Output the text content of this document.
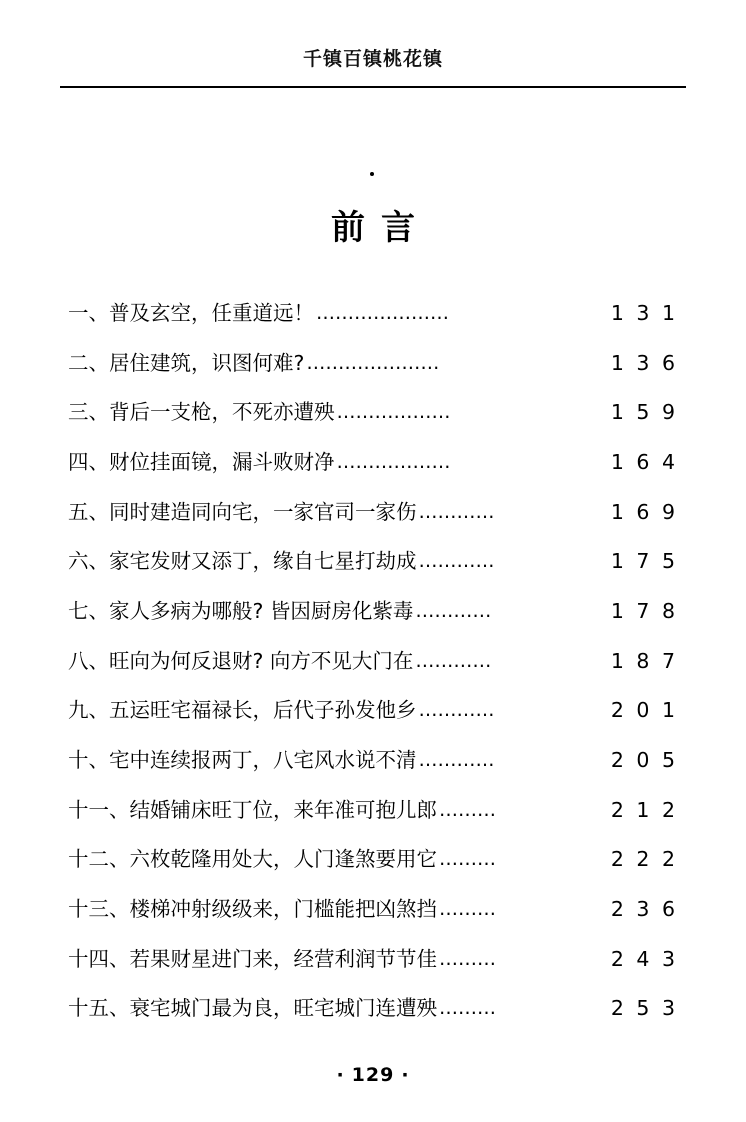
千镇百镇桃花镇
前言
一、普及玄空，任重道远！ …………………	1 3 1
二、居住建筑，识图何难? …………………	1 3 6
三、背后一支枪，不死亦遭殃 ………………	1 5 9
四、财位挂面镜，漏斗败财净 ………………	1 6 4
五、同时建造同向宅，一家官司一家伤 …………	1 6 9
六、家宅发财又添丁，缘自七星打劫成 …………	1 7 5
七、家人多病为哪般? 皆因厨房化紫毒 …………	1 7 8
八、旺向为何反退财? 向方不见大门在 …………	1 8 7
九、五运旺宅福禄长，后代子孙发他乡 …………	2 0 1
十、宅中连续报两丁，八宅风水说不清 …………	2 0 5
十一、结婚铺床旺丁位，来年准可抱儿郎 ………	2 1 2
十二、六枚乾隆用处大，人门逢煞要用它 ………	2 2 2
十三、楼梯冲射级级来，门槛能把凶煞挡 ………	2 3 6
十四、若果财星进门来，经营利润节节佳 ………	2 4 3
十五、衰宅城门最为良，旺宅城门连遭殃 ………	2 5 3
· 129 ·
